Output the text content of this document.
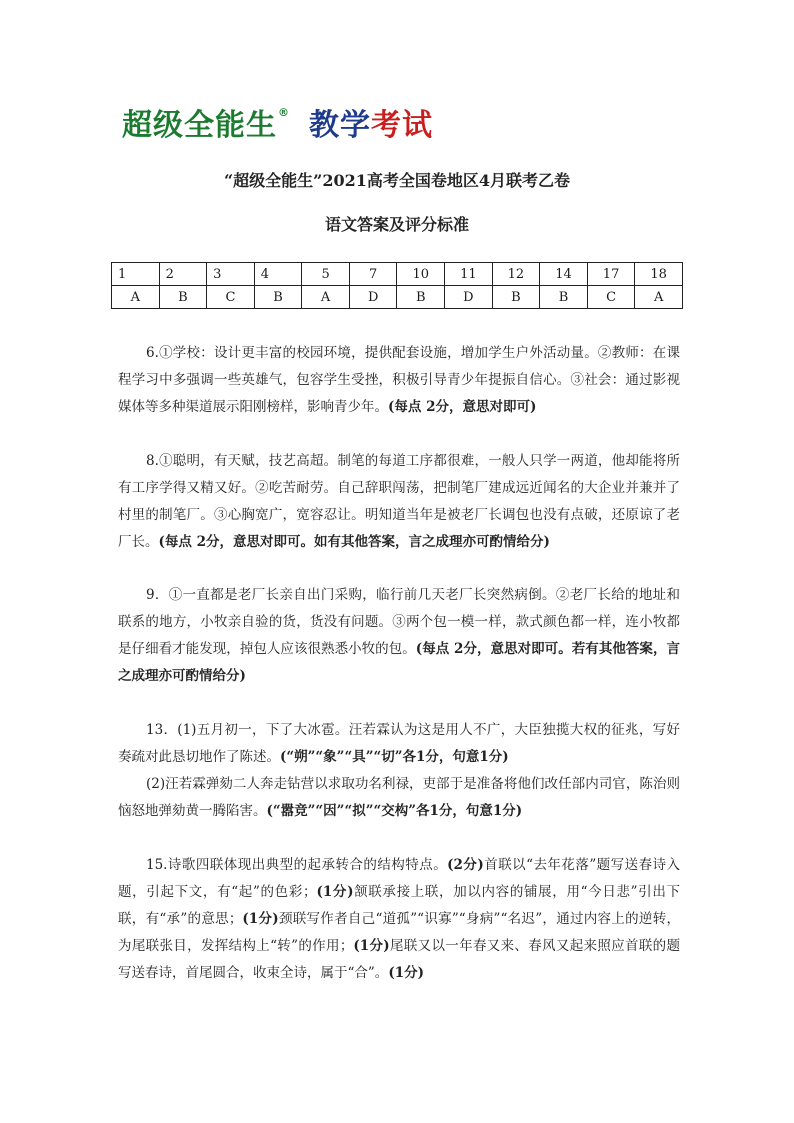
超级全能生® 教学考试
“超级全能生”2021高考全国卷地区4月联考乙卷
语文答案及评分标准
1	2	3	4	5	7	10	11	12	14	17	18
A	B	C	B	A	D	B	D	B	B	C	A

6.①学校：设计更丰富的校园环境，提供配套设施，增加学生户外活动量。②教师：在课程学习中多强调一些英雄气，包容学生受挫，积极引导青少年提振自信心。③社会：通过影视媒体等多种渠道展示阳刚榜样，影响青少年。(每点 2分，意思对即可)

8.①聪明，有天赋，技艺高超。制笔的每道工序都很难，一般人只学一两道，他却能将所有工序学得又精又好。②吃苦耐劳。自己辞职闯荡，把制笔厂建成远近闻名的大企业并兼并了村里的制笔厂。③心胸宽广，宽容忍让。明知道当年是被老厂长调包也没有点破，还原谅了老厂长。(每点 2分，意思对即可。如有其他答案，言之成理亦可酌情给分)

9．①一直都是老厂长亲自出门采购，临行前几天老厂长突然病倒。②老厂长给的地址和联系的地方，小牧亲自验的货，货没有问题。③两个包一模一样，款式颜色都一样，连小牧都是仔细看才能发现，掉包人应该很熟悉小牧的包。(每点 2分，意思对即可。若有其他答案，言之成理亦可酌情给分)

13．(1)五月初一，下了大冰雹。汪若霖认为这是用人不广，大臣独揽大权的征兆，写好奏疏对此恳切地作了陈述。(“朔”“象”“具”“切”各1分，句意1分)

(2)汪若霖弹劾二人奔走钻营以求取功名利禄，吏部于是准备将他们改任部内司官，陈治则恼怒地弹劾黄一腾陷害。(“嚣竞”“因”“拟”“交构”各1分，句意1分)

15.诗歌四联体现出典型的起承转合的结构特点。(2分)首联以“去年花落”题写送春诗入题，引起下文，有“起”的色彩；(1分)颔联承接上联，加以内容的铺展，用“今日悲”引出下联，有“承”的意思；(1分)颈联写作者自己“道孤”“识寡”“身病”“名迟”，通过内容上的逆转，为尾联张目，发挥结构上“转”的作用；(1分)尾联又以一年春又来、春风又起来照应首联的题写送春诗，首尾圆合，收束全诗，属于“合”。(1分)
